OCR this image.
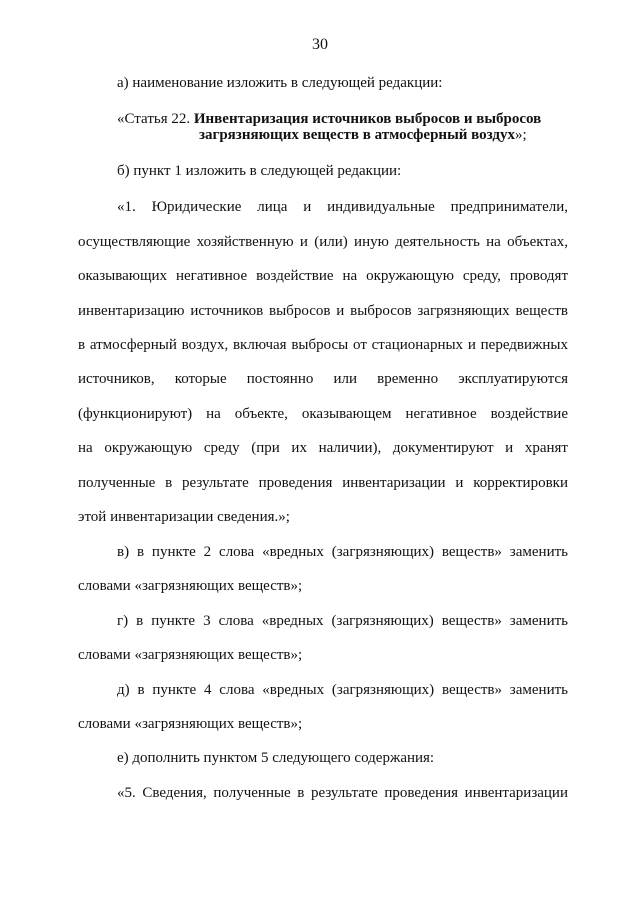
30
а) наименование изложить в следующей редакции:
«Статья 22. Инвентаризация источников выбросов и выбросов
загрязняющих веществ в атмосферный воздух»;
б) пункт 1 изложить в следующей редакции:
«1. Юридические лица и индивидуальные предприниматели,
осуществляющие хозяйственную и (или) иную деятельность на объектах,
оказывающих негативное воздействие на окружающую среду, проводят
инвентаризацию источников выбросов и выбросов загрязняющих веществ
в атмосферный воздух, включая выбросы от стационарных и передвижных
источников, которые постоянно или временно эксплуатируются
(функционируют) на объекте, оказывающем негативное воздействие
на окружающую среду (при их наличии), документируют и хранят
полученные в результате проведения инвентаризации и корректировки
этой инвентаризации сведения.»;
в) в пункте 2 слова «вредных (загрязняющих) веществ» заменить
словами «загрязняющих веществ»;
г) в пункте 3 слова «вредных (загрязняющих) веществ» заменить
словами «загрязняющих веществ»;
д) в пункте 4 слова «вредных (загрязняющих) веществ» заменить
словами «загрязняющих веществ»;
е) дополнить пунктом 5 следующего содержания:
«5. Сведения, полученные в результате проведения инвентаризации
